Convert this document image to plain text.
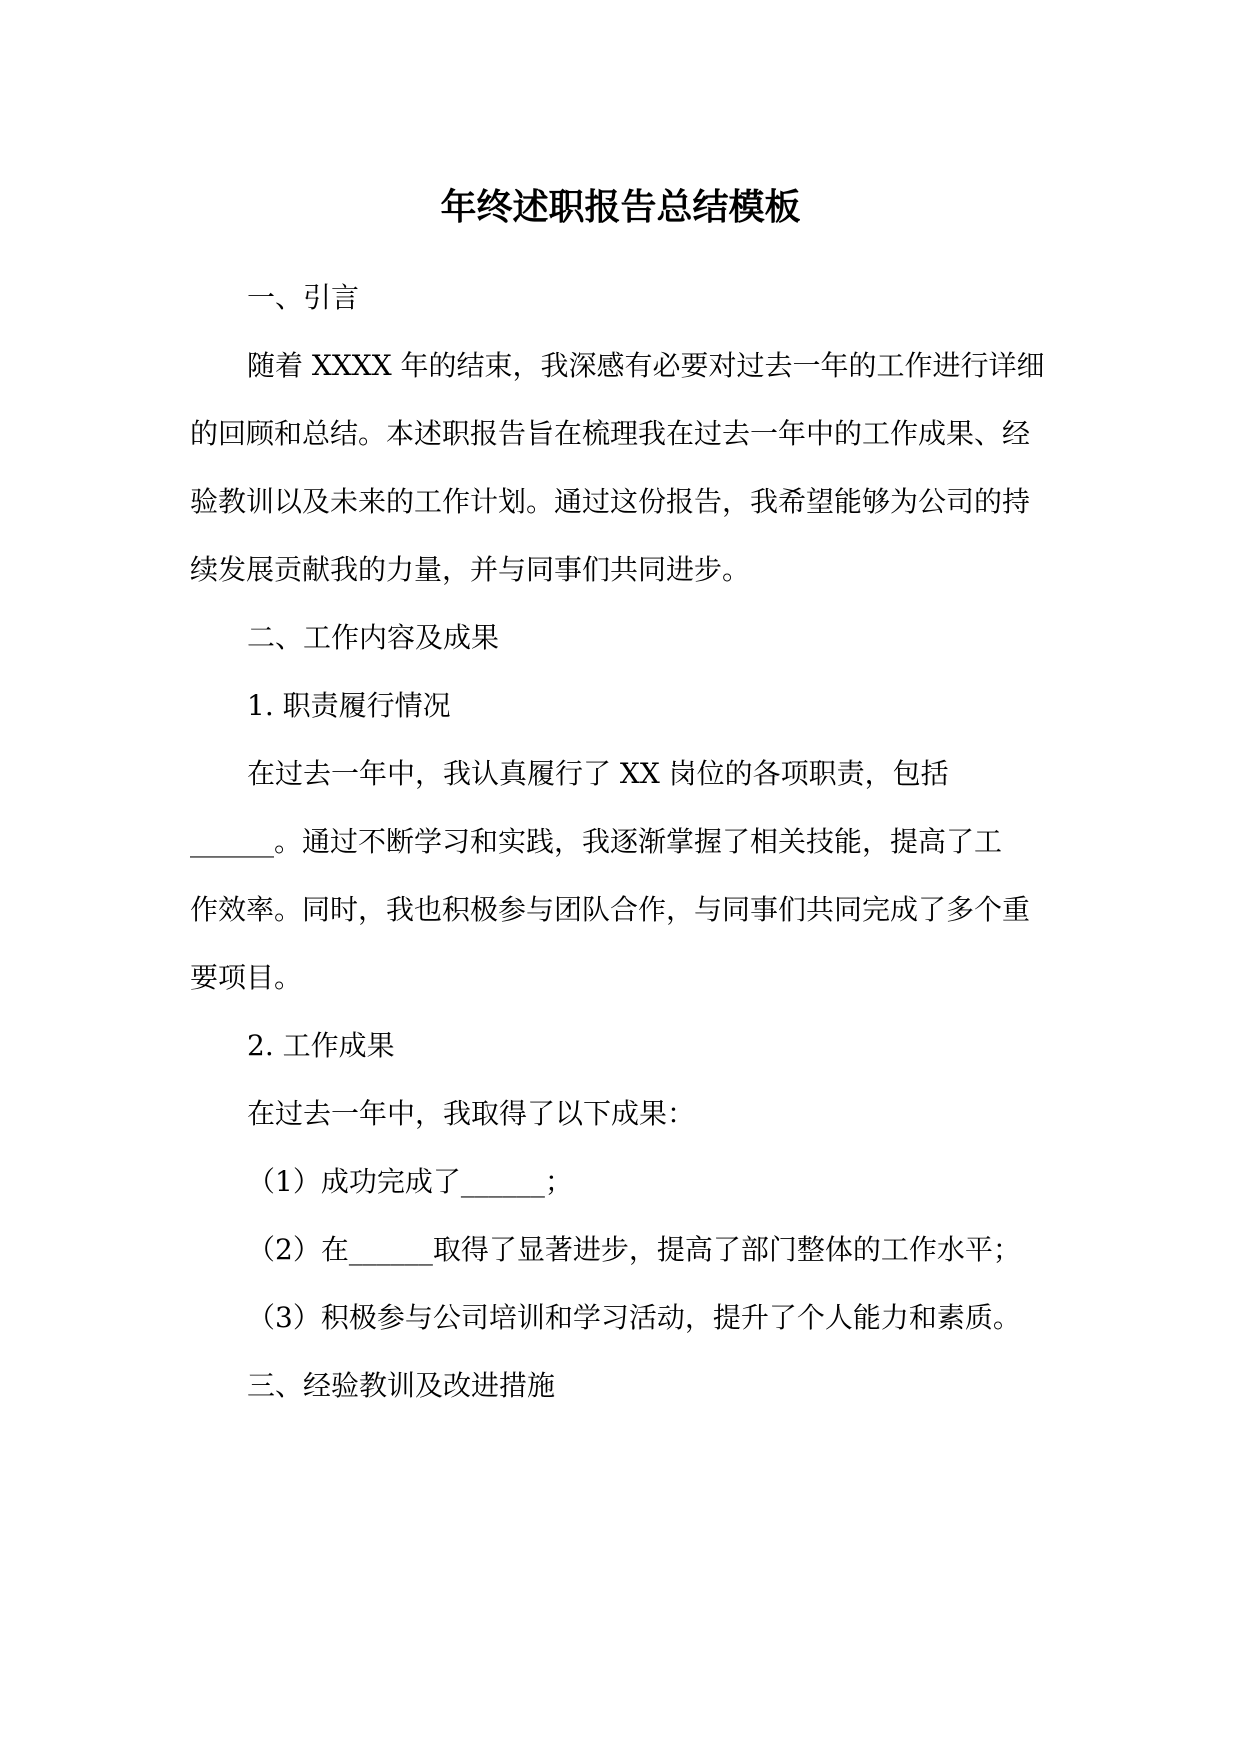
年终述职报告总结模板
一、引言
随着 XXXX 年的结束，我深感有必要对过去一年的工作进行详细
的回顾和总结。本述职报告旨在梳理我在过去一年中的工作成果、经
验教训以及未来的工作计划。通过这份报告，我希望能够为公司的持
续发展贡献我的力量，并与同事们共同进步。
二、工作内容及成果
1. 职责履行情况
在过去一年中，我认真履行了 XX 岗位的各项职责，包括
______。通过不断学习和实践，我逐渐掌握了相关技能，提高了工
作效率。同时，我也积极参与团队合作，与同事们共同完成了多个重
要项目。
2. 工作成果
在过去一年中，我取得了以下成果：
（1）成功完成了______；
（2）在______取得了显著进步，提高了部门整体的工作水平；
（3）积极参与公司培训和学习活动，提升了个人能力和素质。
三、经验教训及改进措施
